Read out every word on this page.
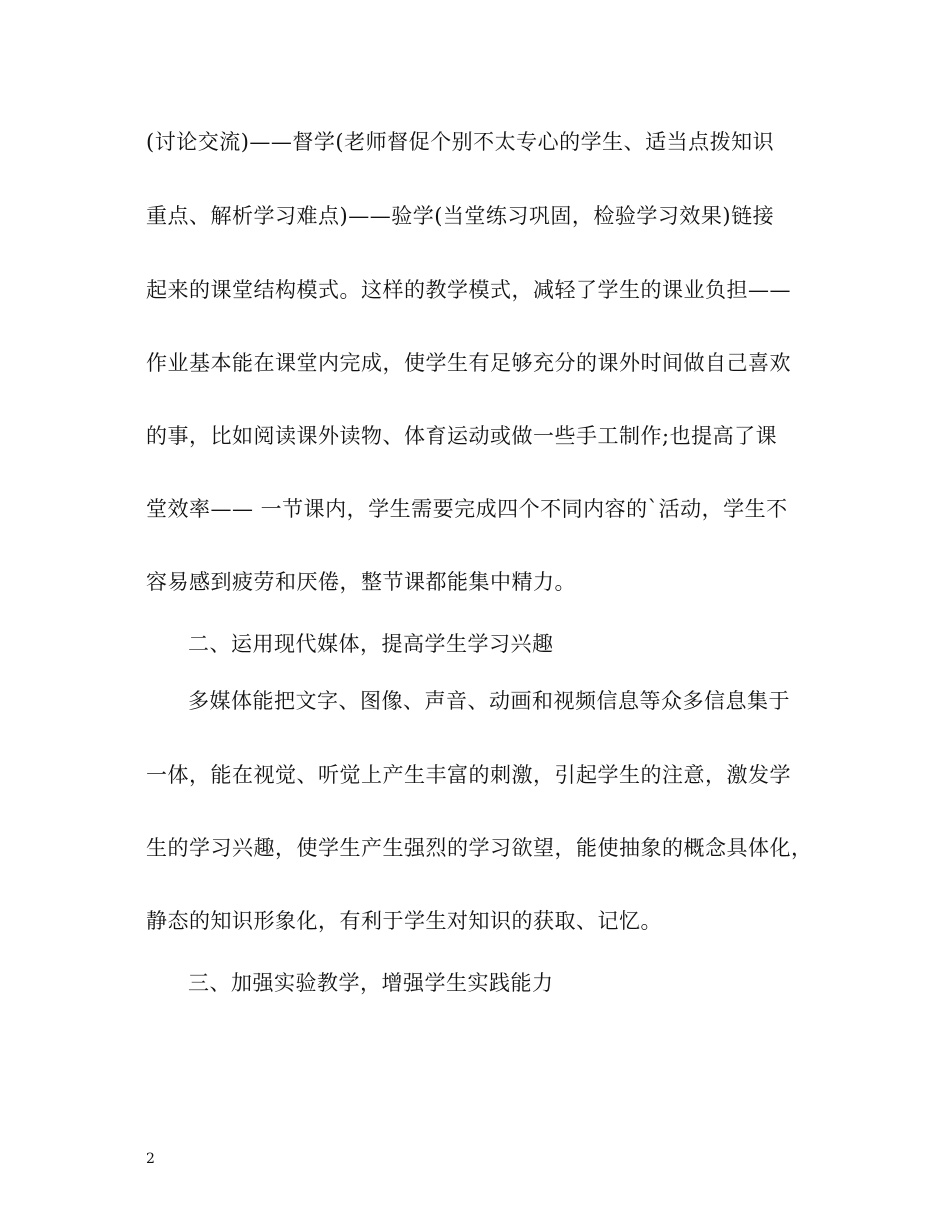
(讨论交流)——督学(老师督促个别不太专心的学生、适当点拨知识
重点、解析学习难点)——验学(当堂练习巩固，检验学习效果)链接
起来的课堂结构模式。这样的教学模式，减轻了学生的课业负担——
作业基本能在课堂内完成，使学生有足够充分的课外时间做自己喜欢
的事，比如阅读课外读物、体育运动或做一些手工制作;也提高了课
堂效率—— 一节课内，学生需要完成四个不同内容的`活动，学生不
容易感到疲劳和厌倦，整节课都能集中精力。
二、运用现代媒体，提高学生学习兴趣
多媒体能把文字、图像、声音、动画和视频信息等众多信息集于
一体，能在视觉、听觉上产生丰富的刺激，引起学生的注意，激发学
生的学习兴趣，使学生产生强烈的学习欲望，能使抽象的概念具体化，
静态的知识形象化，有利于学生对知识的获取、记忆。
三、加强实验教学，增强学生实践能力
2
